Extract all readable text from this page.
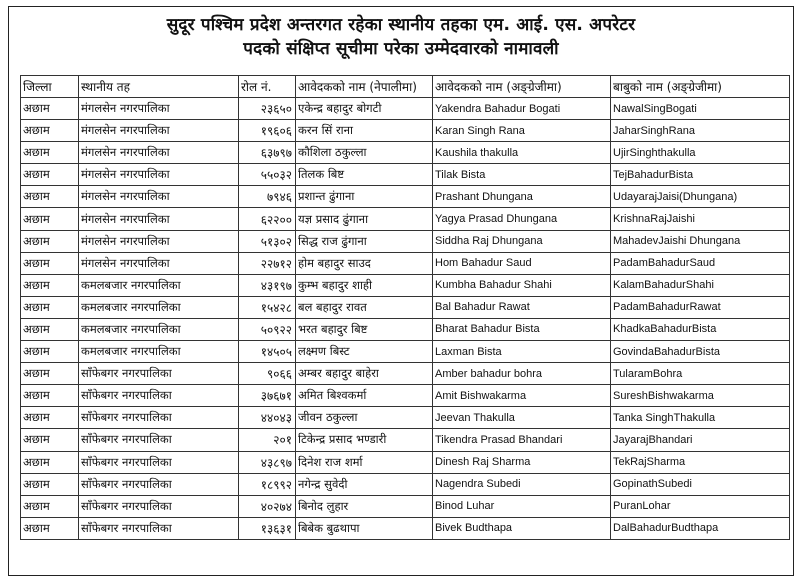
सुदूर पश्चिम प्रदेश अन्तरगत रहेका स्थानीय तहका एम. आई. एस. अपरेटर
पदको संक्षिप्त सूचीमा परेका उम्मेदवारको नामावली
जिल्ला	स्थानीय तह	रोल नं.	आवेदकको नाम (नेपालीमा)	आवेदकको नाम (अङ्ग्रेजीमा)	बाबुको नाम (अङ्ग्रेजीमा)
अछाम	मंगलसेन नगरपालिका	२३६५०	एकेन्द्र बहादुर बोगटी	Yakendra Bahadur Bogati	NawalSingBogati
अछाम	मंगलसेन नगरपालिका	१९६०६	करन सिं राना	Karan Singh Rana	JaharSinghRana
अछाम	मंगलसेन नगरपालिका	६३७९७	कौशिला ठकुल्ला	Kaushila thakulla	UjirSinghthakulla
अछाम	मंगलसेन नगरपालिका	५५०३२	तिलक बिष्ट	Tilak Bista	TejBahadurBista
अछाम	मंगलसेन नगरपालिका	७९४६	प्रशान्त ढुंगाना	Prashant Dhungana	UdayarajJaisi(Dhungana)
अछाम	मंगलसेन नगरपालिका	६२२००	यज्ञ प्रसाद ढुंगाना	Yagya Prasad Dhungana	KrishnaRajJaishi
अछाम	मंगलसेन नगरपालिका	५१३०२	सिद्ध राज ढुंगाना	Siddha Raj Dhungana	MahadevJaishi Dhungana
अछाम	मंगलसेन नगरपालिका	२२७१२	हाेम बहादुर साउद	Hom Bahadur Saud	PadamBahadurSaud
अछाम	कमलबजार नगरपालिका	४३१९७	कुम्भ बहादुर शाही	Kumbha Bahadur Shahi	KalamBahadurShahi
अछाम	कमलबजार नगरपालिका	१५४२८	बल बहादुर रावत	Bal Bahadur Rawat	PadamBahadurRawat
अछाम	कमलबजार नगरपालिका	५०९२२	भरत बहादुर बिष्ट	Bharat Bahadur Bista	KhadkaBahadurBista
अछाम	कमलबजार नगरपालिका	१४५०५	लक्ष्मण बिस्ट	Laxman Bista	GovindaBahadurBista
अछाम	साँफेबगर नगरपालिका	९०६६	अम्बर बहादुर बाहेरा	Amber bahadur bohra	TularamBohra
अछाम	साँफेबगर नगरपालिका	३७६७१	अमित बिश्वकर्मा	Amit Bishwakarma	SureshBishwakarma
अछाम	साँफेबगर नगरपालिका	४४०४३	जीवन ठकुल्ला	Jeevan Thakulla	Tanka SinghThakulla
अछाम	साँफेबगर नगरपालिका	२०१	टिकेन्द्र प्रसाद भण्डारी	Tikendra Prasad Bhandari	JayarajBhandari
अछाम	साँफेबगर नगरपालिका	४३८९७	दिनेश राज शर्मा	Dinesh Raj Sharma	TekRajSharma
अछाम	साँफेबगर नगरपालिका	१८९९२	नगेन्द्र सुवेदी	Nagendra Subedi	GopinathSubedi
अछाम	साँफेबगर नगरपालिका	४०२७४	बिनोद लुहार	Binod Luhar	PuranLohar
अछाम	साँफेबगर नगरपालिका	१३६३१	बिबेक बुढथापा	Bivek Budthapa	DalBahadurBudthapa
